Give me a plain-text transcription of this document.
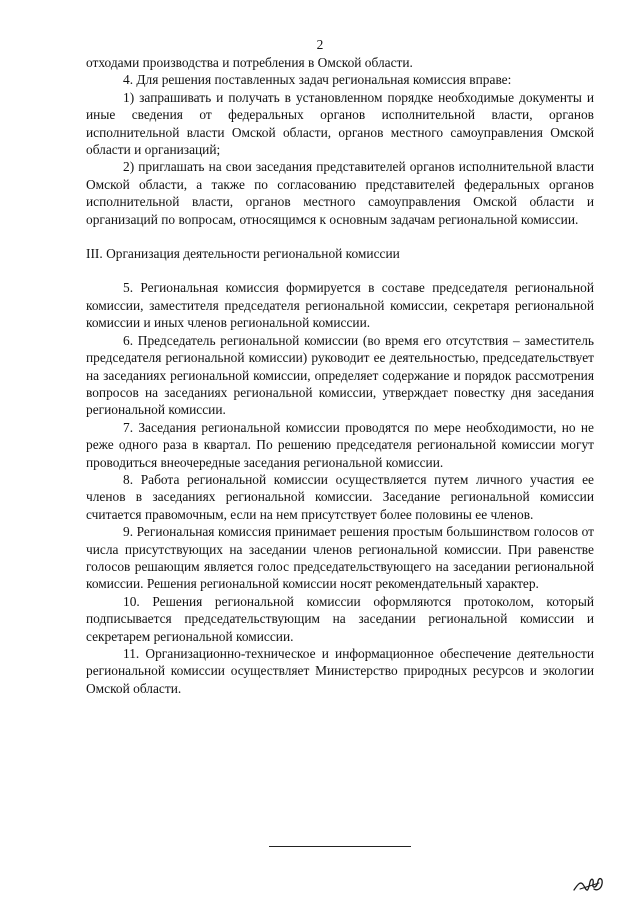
2

отходами производства и потребления в Омской области.

4. Для решения поставленных задач региональная комиссия вправе:

1) запрашивать и получать в установленном порядке необходимые документы и иные сведения от федеральных органов исполнительной власти, органов исполнительной власти Омской области, органов местного самоуправления Омской области и организаций;

2) приглашать на свои заседания представителей органов исполнительной власти Омской области, а также по согласованию представителей федеральных органов исполнительной власти, органов местного самоуправления Омской области и организаций по вопросам, относящимся к основным задачам региональной комиссии.

III. Организация деятельности региональной комиссии

5. Региональная комиссия формируется в составе председателя региональной комиссии, заместителя председателя региональной комиссии, секретаря региональной комиссии и иных членов региональной комиссии.

6. Председатель региональной комиссии (во время его отсутствия – заместитель председателя региональной комиссии) руководит ее деятельностью, председательствует на заседаниях региональной комиссии, определяет содержание и порядок рассмотрения вопросов на заседаниях региональной комиссии, утверждает повестку дня заседания региональной комиссии.

7. Заседания региональной комиссии проводятся по мере необходимости, но не реже одного раза в квартал. По решению председателя региональной комиссии могут проводиться внеочередные заседания региональной комиссии.

8. Работа региональной комиссии осуществляется путем личного участия ее членов в заседаниях региональной комиссии. Заседание региональной комиссии считается правомочным, если на нем присутствует более половины ее членов.

9. Региональная комиссия принимает решения простым большинством голосов от числа присутствующих на заседании членов региональной комиссии. При равенстве голосов решающим является голос председательствующего на заседании региональной комиссии. Решения региональной комиссии носят рекомендательный характер.

10. Решения региональной комиссии оформляются протоколом, который подписывается председательствующим на заседании региональной комиссии и секретарем региональной комиссии.

11. Организационно-техническое и информационное обеспечение деятельности региональной комиссии осуществляет Министерство природных ресурсов и экологии Омской области.
